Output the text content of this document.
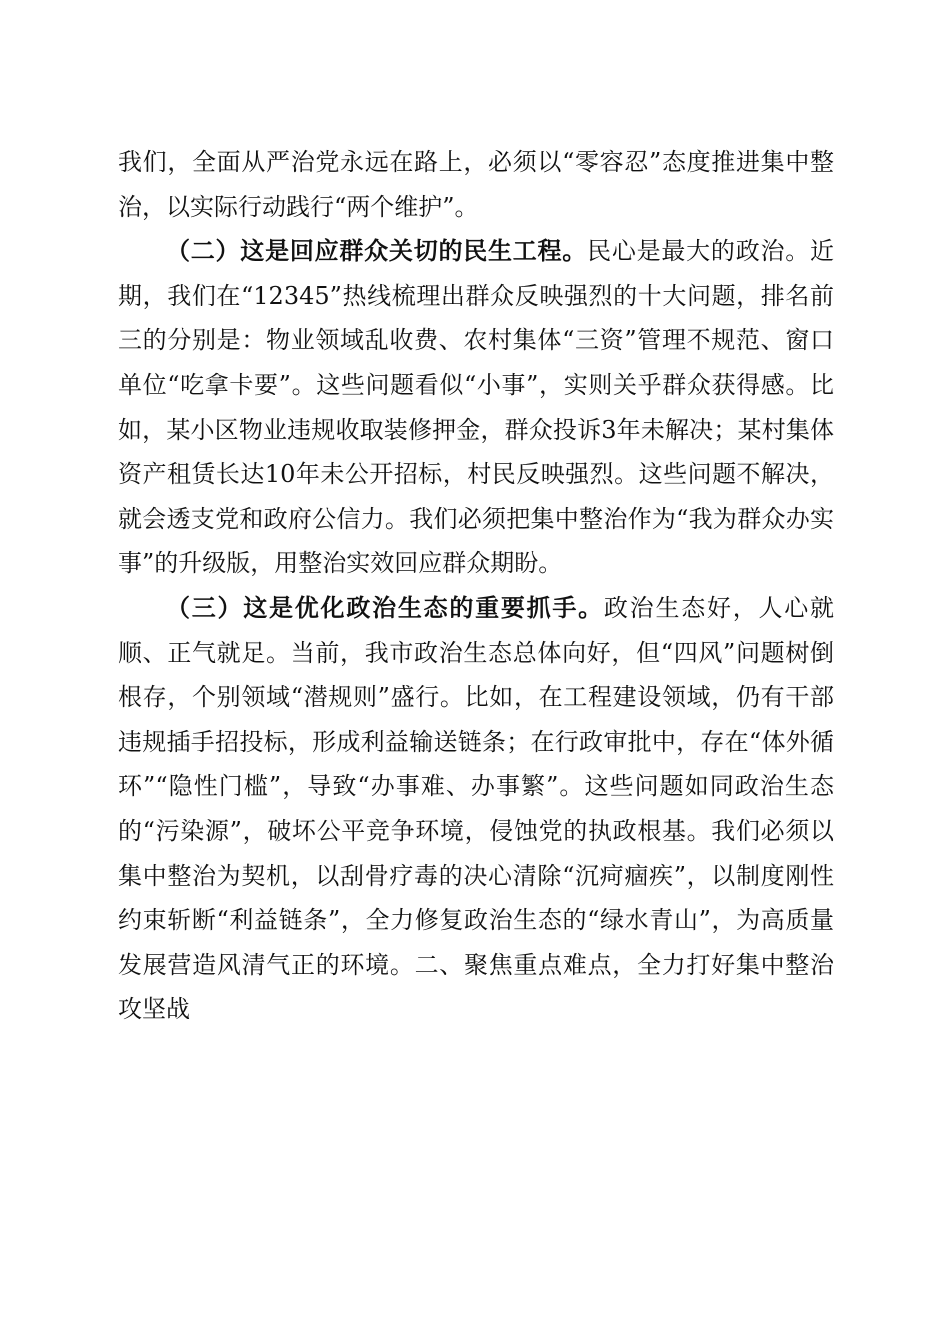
我们，全面从严治党永远在路上，必须以“零容忍”态度推进集中整治，以实际行动践行“两个维护”。

（二）这是回应群众关切的民生工程。民心是最大的政治。近期，我们在“12345”热线梳理出群众反映强烈的十大问题，排名前三的分别是：物业领域乱收费、农村集体“三资”管理不规范、窗口单位“吃拿卡要”。这些问题看似“小事”，实则关乎群众获得感。比如，某小区物业违规收取装修押金，群众投诉3年未解决；某村集体资产租赁长达10年未公开招标，村民反映强烈。这些问题不解决，就会透支党和政府公信力。我们必须把集中整治作为“我为群众办实事”的升级版，用整治实效回应群众期盼。

（三）这是优化政治生态的重要抓手。政治生态好，人心就顺、正气就足。当前，我市政治生态总体向好，但“四风”问题树倒根存，个别领域“潜规则”盛行。比如，在工程建设领域，仍有干部违规插手招投标，形成利益输送链条；在行政审批中，存在“体外循环”“隐性门槛”，导致“办事难、办事繁”。这些问题如同政治生态的“污染源”，破坏公平竞争环境，侵蚀党的执政根基。我们必须以集中整治为契机，以刮骨疗毒的决心清除“沉疴痼疾”，以制度刚性约束斩断“利益链条”，全力修复政治生态的“绿水青山”，为高质量发展营造风清气正的环境。二、聚焦重点难点，全力打好集中整治攻坚战
